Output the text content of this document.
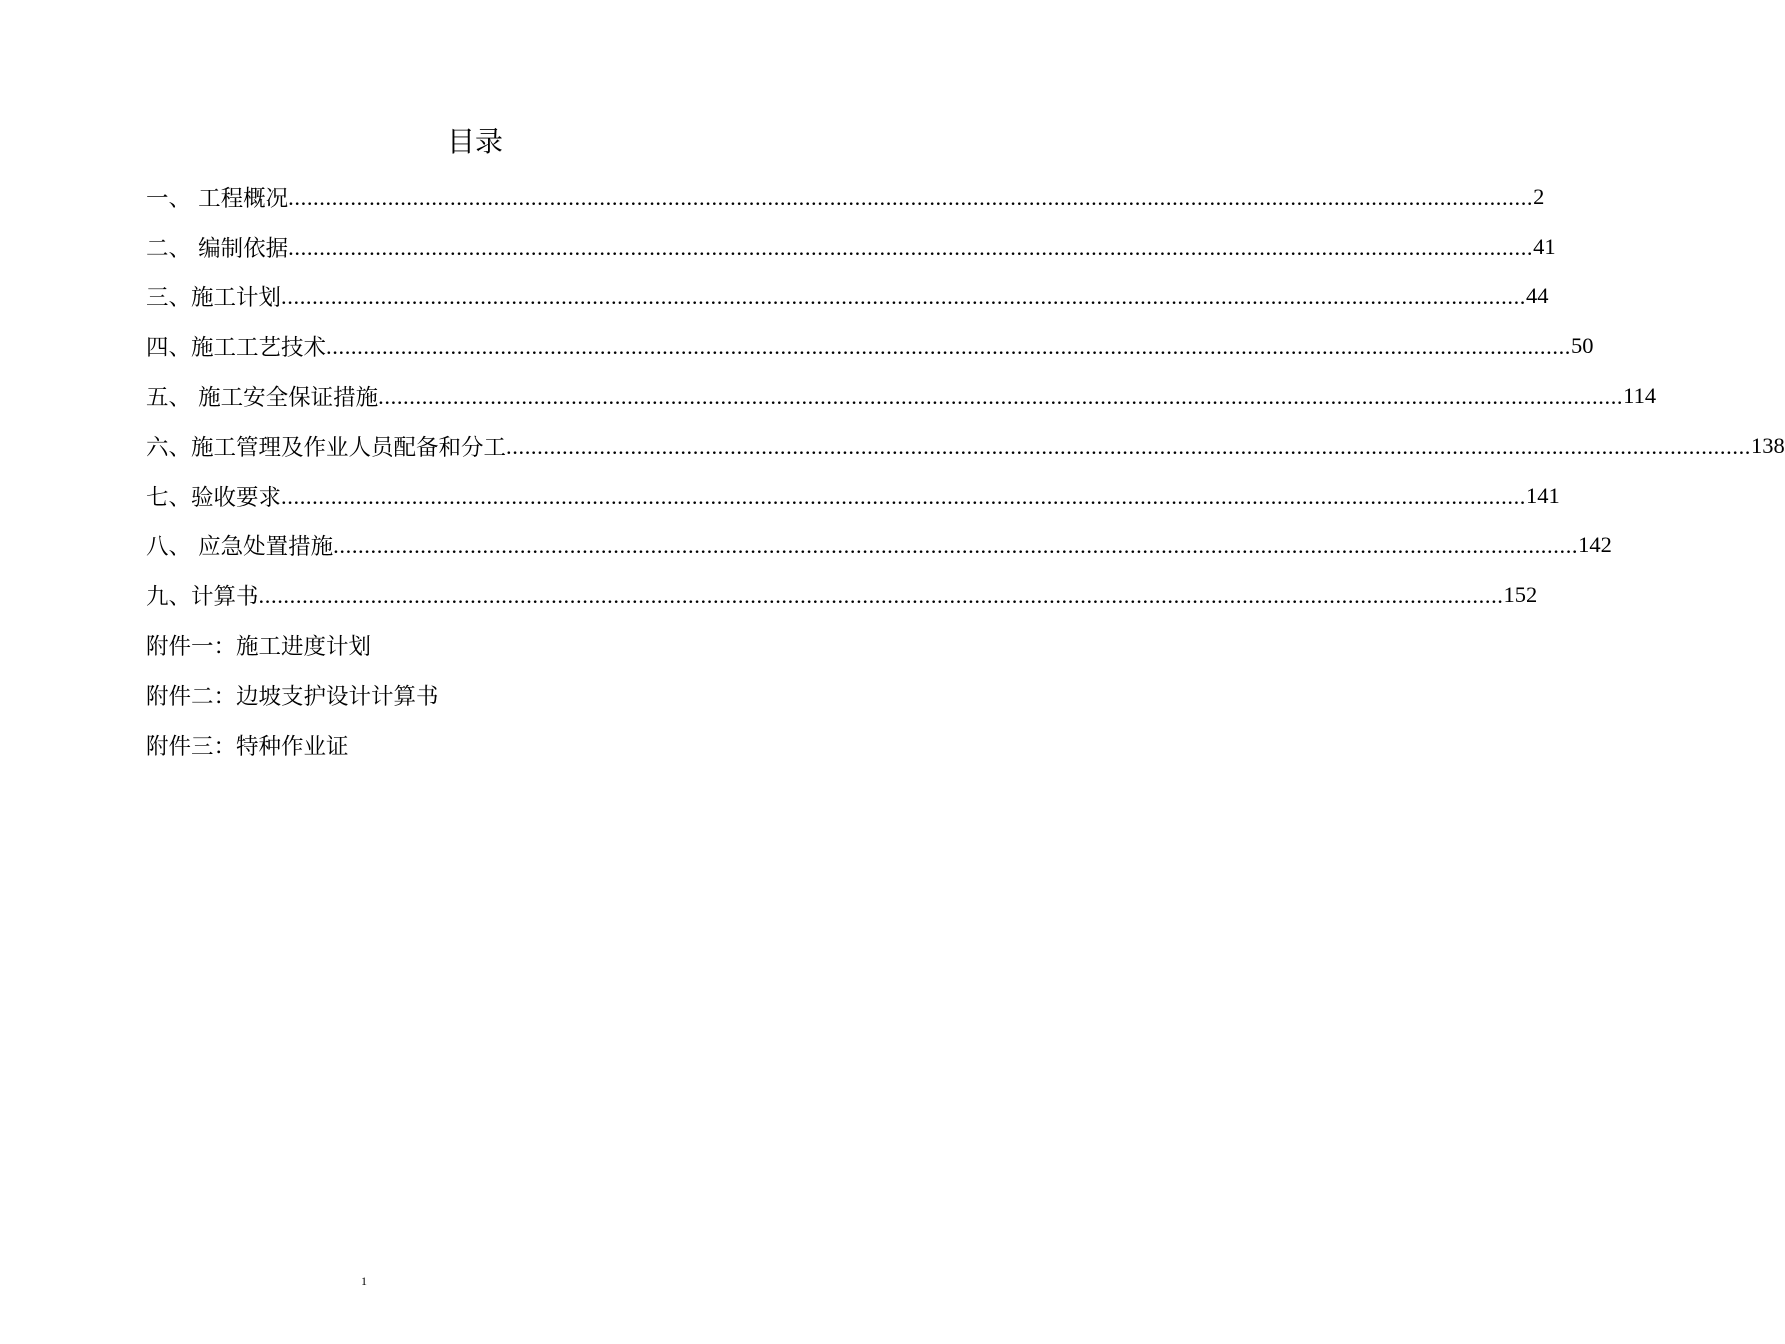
目录
一、 工程概况 ........................................................................................................................................................................................................ 2
二、 编制依据 ........................................................................................................................................................................................................ 41
三、施工计划 ........................................................................................................................................................................................................ 44
四、施工工艺技术 ........................................................................................................................................................................................................ 50
五、 施工安全保证措施 ........................................................................................................................................................................................................ 114
六、施工管理及作业人员配备和分工 ........................................................................................................................................................................................................ 138
七、验收要求 ........................................................................................................................................................................................................ 141
八、 应急处置措施 ........................................................................................................................................................................................................ 142
九、计算书 ........................................................................................................................................................................................................ 152
附件一：施工进度计划
附件二：边坡支护设计计算书
附件三：特种作业证
1
